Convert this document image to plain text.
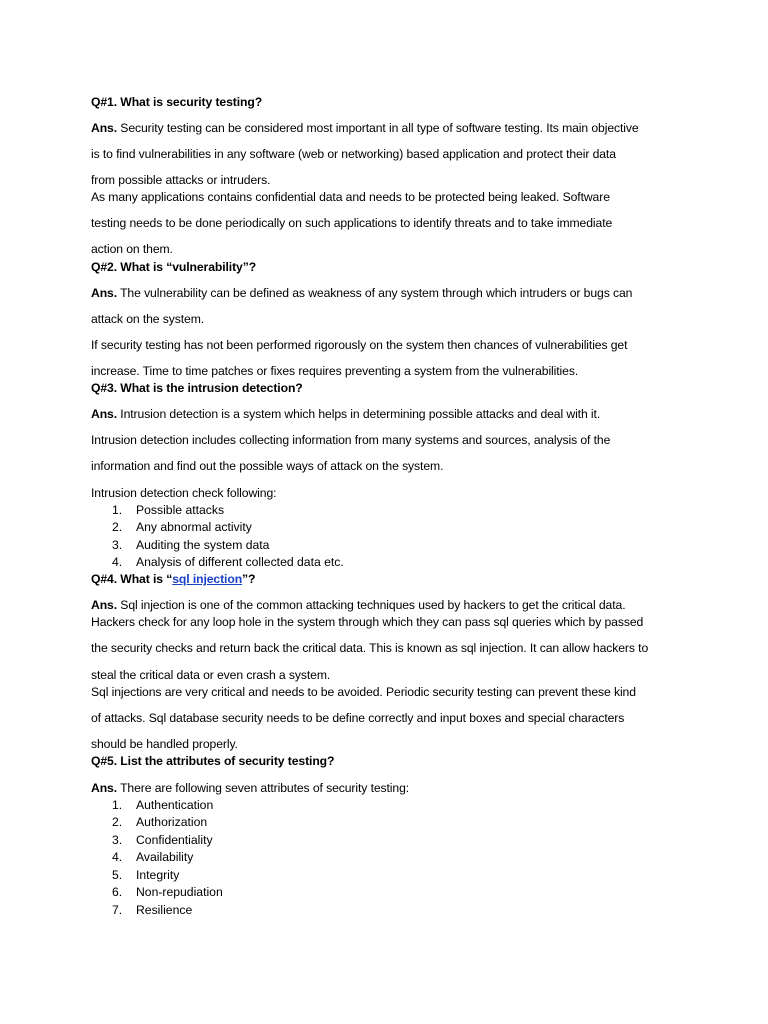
Q#1. What is security testing?
Ans. Security testing can be considered most important in all type of software testing. Its main objective
is to find vulnerabilities in any software (web or networking) based application and protect their data
from possible attacks or intruders.
As many applications contains confidential data and needs to be protected being leaked. Software
testing needs to be done periodically on such applications to identify threats and to take immediate
action on them.
Q#2. What is “vulnerability”?
Ans. The vulnerability can be defined as weakness of any system through which intruders or bugs can
attack on the system.
If security testing has not been performed rigorously on the system then chances of vulnerabilities get
increase. Time to time patches or fixes requires preventing a system from the vulnerabilities.
Q#3. What is the intrusion detection?
Ans. Intrusion detection is a system which helps in determining possible attacks and deal with it.
Intrusion detection includes collecting information from many systems and sources, analysis of the
information and find out the possible ways of attack on the system.
Intrusion detection check following:
1. Possible attacks
2. Any abnormal activity
3. Auditing the system data
4. Analysis of different collected data etc.
Q#4. What is “sql injection”?
Ans. Sql injection is one of the common attacking techniques used by hackers to get the critical data.
Hackers check for any loop hole in the system through which they can pass sql queries which by passed
the security checks and return back the critical data. This is known as sql injection. It can allow hackers to
steal the critical data or even crash a system.
Sql injections are very critical and needs to be avoided. Periodic security testing can prevent these kind
of attacks. Sql database security needs to be define correctly and input boxes and special characters
should be handled properly.
Q#5. List the attributes of security testing?
Ans. There are following seven attributes of security testing:
1. Authentication
2. Authorization
3. Confidentiality
4. Availability
5. Integrity
6. Non-repudiation
7. Resilience
